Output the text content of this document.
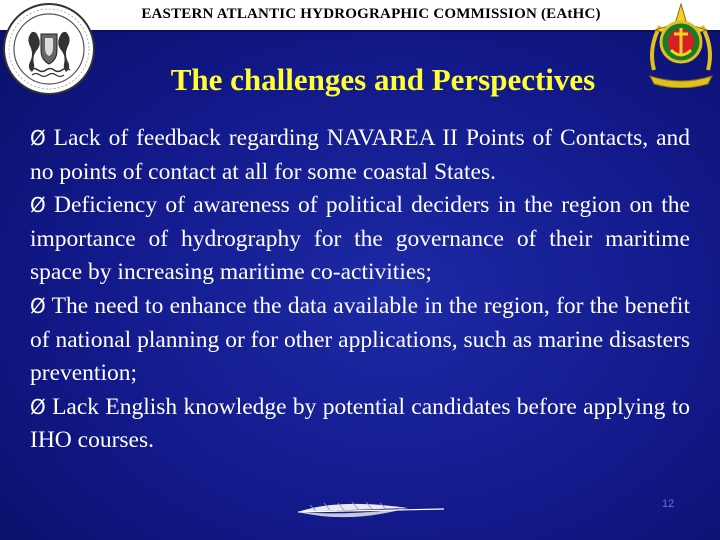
EASTERN ATLANTIC HYDROGRAPHIC COMMISSION (EAtHC)
The challenges and Perspectives

Ø Lack of feedback regarding NAVAREA II Points of Contacts, and no points of contact at all for some coastal States.

Ø Deficiency of awareness of political deciders in the region on the importance of hydrography for the governance of their maritime space by increasing maritime co-activities;

Ø The need to enhance the data available in the region, for the benefit of national planning or for other applications, such as marine disasters prevention;

Ø Lack English knowledge by potential candidates before applying to IHO courses.

12
